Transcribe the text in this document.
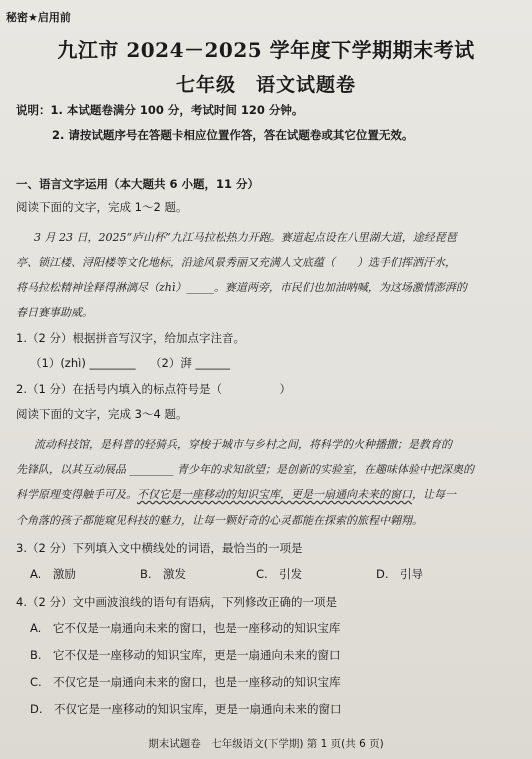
秘密★启用前
九江市 2024－2025 学年度下学期期末考试
七年级　语文试题卷
说明：1. 本试题卷满分 100 分，考试时间 120 分钟。
2. 请按试题序号在答题卡相应位置作答，答在试题卷或其它位置无效。
一、语言文字运用（本大题共 6 小题，11 分）
阅读下面的文字，完成 1～2 题。
3 月 23 日，2025“庐山杯”九江马拉松热力开跑。赛道起点设在八里湖大道，途经琵琶
亭、锁江楼、浔阳楼等文化地标，沿途风景秀丽又充满人文底蕴（　　）选手们挥洒汗水，
将马拉松精神诠释得淋漓尽（zhì）_____。赛道两旁，市民们也加油呐喊，为这场激情澎湃的
春日赛事助威。
1.（2 分）根据拼音写汉字，给加点字注音。
（1）(zhì) ________ （2）湃 ______
2.（1 分）在括号内填入的标点符号是（　　　　　）
阅读下面的文字，完成 3～4 题。
流动科技馆，是科普的轻骑兵，穿梭于城市与乡村之间，将科学的火种播撒；是教育的
先锋队，以其互动展品 ________ 青少年的求知欲望；是创新的实验室，在趣味体验中把深奥的
科学原理变得触手可及。不仅它是一座移动的知识宝库，更是一扇通向未来的窗口，让每一
个角落的孩子都能窥见科技的魅力，让每一颗好奇的心灵都能在探索的旅程中翱翔。
3.（2 分）下列填入文中横线处的词语，最恰当的一项是
A.　激励	B.　激发	C.　引发	D.　引导
4.（2 分）文中画波浪线的语句有语病，下列修改正确的一项是
A.　它不仅是一扇通向未来的窗口，也是一座移动的知识宝库
B.　它不仅是一座移动的知识宝库，更是一扇通向未来的窗口
C.　不仅它是一扇通向未来的窗口，也是一座移动的知识宝库
D.　不仅它是一座移动的知识宝库，更是一扇通向未来的窗口
期末试题卷　七年级语文(下学期) 第 1 页(共 6 页)
